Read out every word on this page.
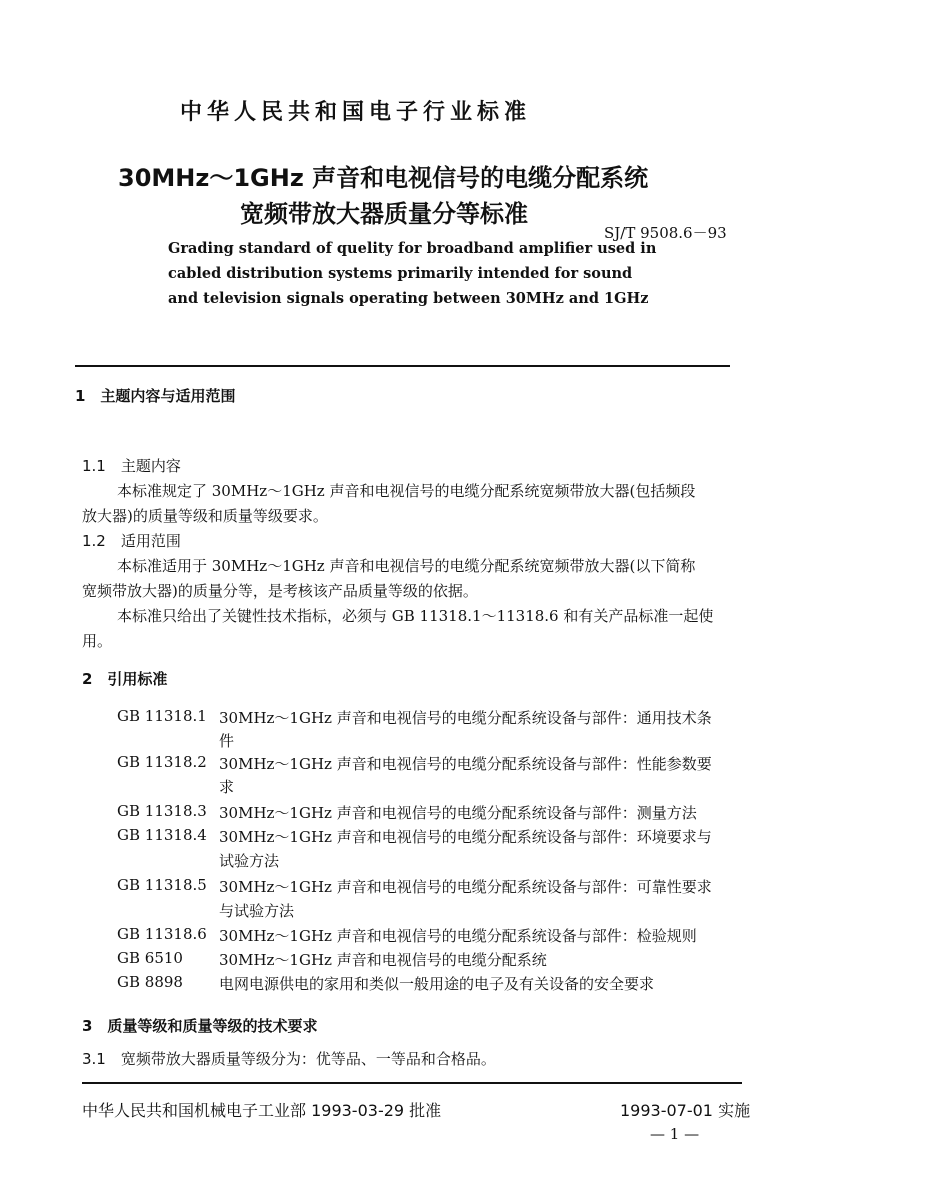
中华人民共和国电子行业标准
30MHz～1GHz 声音和电视信号的电缆分配系统
宽频带放大器质量分等标准
SJ/T 9508.6－93
Grading standard of quelity for broadband amplifier used in
cabled distribution systems primarily intended for sound
and television signals operating between 30MHz and 1GHz
1　主题内容与适用范围
1.1　主题内容
本标准规定了 30MHz～1GHz 声音和电视信号的电缆分配系统宽频带放大器(包括频段
放大器)的质量等级和质量等级要求。
1.2　适用范围
本标准适用于 30MHz～1GHz 声音和电视信号的电缆分配系统宽频带放大器(以下简称
宽频带放大器)的质量分等，是考核该产品质量等级的依据。
本标准只给出了关键性技术指标，必须与 GB 11318.1～11318.6 和有关产品标准一起使
用。
2　引用标准
GB 11318.1 30MHz～1GHz 声音和电视信号的电缆分配系统设备与部件：通用技术条
件
GB 11318.2 30MHz～1GHz 声音和电视信号的电缆分配系统设备与部件：性能参数要
求
GB 11318.3 30MHz～1GHz 声音和电视信号的电缆分配系统设备与部件：测量方法
GB 11318.4 30MHz～1GHz 声音和电视信号的电缆分配系统设备与部件：环境要求与
试验方法
GB 11318.5 30MHz～1GHz 声音和电视信号的电缆分配系统设备与部件：可靠性要求
与试验方法
GB 11318.6 30MHz～1GHz 声音和电视信号的电缆分配系统设备与部件：检验规则
GB 6510 30MHz～1GHz 声音和电视信号的电缆分配系统
GB 8898 电网电源供电的家用和类似一般用途的电子及有关设备的安全要求
3　质量等级和质量等级的技术要求
3.1　宽频带放大器质量等级分为：优等品、一等品和合格品。
中华人民共和国机械电子工业部 1993-03-29 批准	1993-07-01 实施
— 1 —
